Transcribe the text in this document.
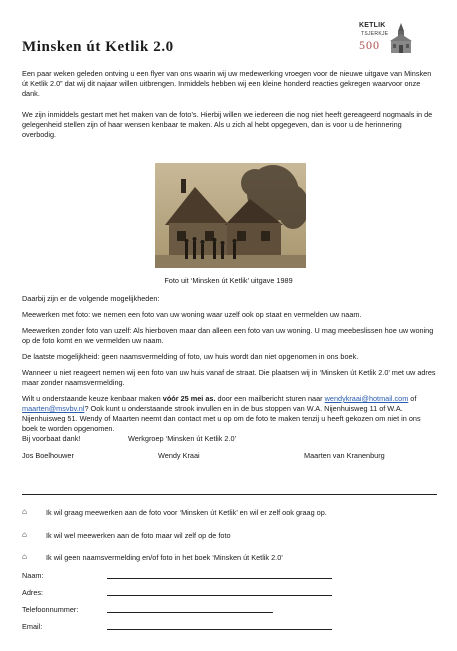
KETLIK
TSJERKJE
500
Minsken út Ketlik 2.0

Een paar weken geleden ontving u een flyer van ons waarin wij uw medewerking vroegen voor de nieuwe uitgave van Minsken út Ketlik 2.0” dat wij dit najaar willen uitbrengen. Inmiddels hebben wij een kleine honderd reacties gekregen waarvoor onze dank.

We zijn inmiddels gestart met het maken van de foto’s. Hierbij willen we iedereen die nog niet heeft gereageerd nogmaals in de gelegenheid stellen zijn of haar wensen kenbaar te maken. Als u zich al hebt opgegeven, dan is voor u de herinnering overbodig.

Foto uit ‘Minsken út Ketlik’ uitgave 1989

Daarbij zijn er de volgende mogelijkheden:

Meewerken met foto: we nemen een foto van uw woning waar uzelf ook op staat en vermelden uw naam.

Meewerken zonder foto van uzelf: Als hierboven maar dan alleen een foto van uw woning. U mag meebeslissen hoe uw woning op de foto komt en we vermelden uw naam.

De laatste mogelijkheid: geen naamsvermelding of foto, uw huis wordt dan niet opgenomen in ons boek.

Wanneer u niet reageert nemen wij een foto van uw huis vanaf de straat. Die plaatsen wij in ‘Minsken út Ketlik 2.0’ met uw adres maar zonder naamsvermelding.

Wilt u onderstaande keuze kenbaar maken vóór 25 mei as. door een mailbericht sturen naar wendykraai@hotmail.com of maarten@msvbv.nl? Ook kunt u onderstaande strook invullen en in de bus stoppen van W.A. Nijenhuisweg 11 of W.A. Nijenhuisweg 51. Wendy of Maarten neemt dan contact met u op om de foto te maken tenzij u heeft gekozen om niet in ons boek te worden opgenomen.

Bij voorbaat dank!	Werkgroep ‘Minsken út Ketlik 2.0’
Jos Boelhouwer	Wendy Kraai	Maarten van Kranenburg
⌂	Ik wil graag meewerken aan de foto voor ‘Minsken út Ketlik’ en wil er zelf ook graag op.
⌂	Ik wil wel meewerken aan de foto maar wil zelf op de foto
⌂	Ik wil geen naamsvermelding en/of foto in het boek ‘Minsken út Ketlik 2.0’
Naam:
Adres:
Telefoonnummer:
Email:
